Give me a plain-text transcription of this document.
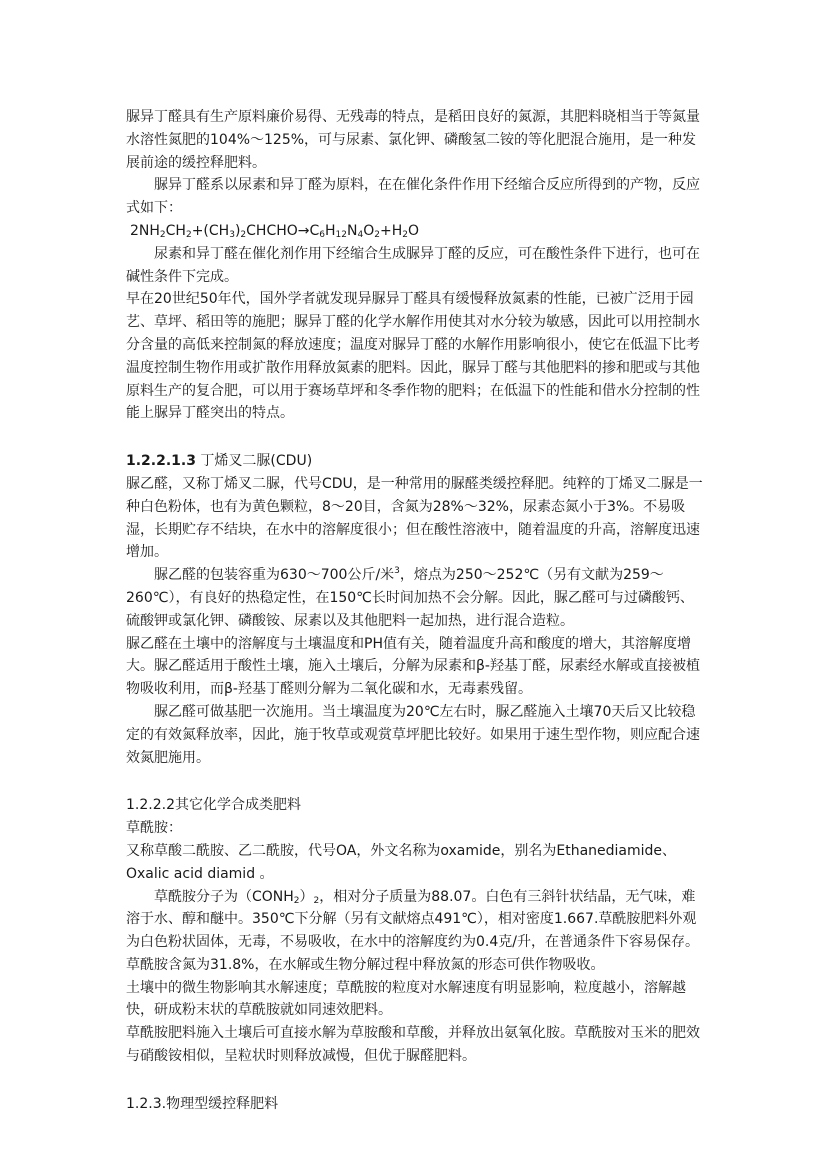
脲异丁醛具有生产原料廉价易得、无残毒的特点，是稻田良好的氮源，其肥料晓相当于等氮量水溶性氮肥的104%～125%，可与尿素、氯化钾、磷酸氢二铵的等化肥混合施用，是一种发展前途的缓控释肥料。

脲异丁醛系以尿素和异丁醛为原料，在在催化条件作用下经缩合反应所得到的产物，反应式如下：

$2NH_2CH_2+(CH_3)_2CHCHO\to C_6H_{12}N_4O_2+H_2O$

尿素和异丁醛在催化剂作用下经缩合生成脲异丁醛的反应，可在酸性条件下进行，也可在碱性条件下完成。

早在20世纪50年代，国外学者就发现异脲异丁醛具有缓慢释放氮素的性能，已被广泛用于园艺、草坪、稻田等的施肥；脲异丁醛的化学水解作用使其对水分较为敏感，因此可以用控制水分含量的高低来控制氮的释放速度；温度对脲异丁醛的水解作用影响很小，使它在低温下比考温度控制生物作用或扩散作用释放氮素的肥料。因此，脲异丁醛与其他肥料的掺和肥或与其他原料生产的复合肥，可以用于赛场草坪和冬季作物的肥料；在低温下的性能和借水分控制的性能上脲异丁醛突出的特点。

1.2.2.1.3 丁烯叉二脲(CDU)

脲乙醛，又称丁烯叉二脲，代号CDU，是一种常用的脲醛类缓控释肥。纯粹的丁烯叉二脲是一种白色粉体，也有为黄色颗粒，8～20目，含氮为28%～32%，尿素态氮小于3%。不易吸湿，长期贮存不结块，在水中的溶解度很小；但在酸性溶液中，随着温度的升高，溶解度迅速增加。

脲乙醛的包装容重为630～700公斤/米$^3$，熔点为250～252℃（另有文献为259～260℃），有良好的热稳定性，在150℃长时间加热不会分解。因此，脲乙醛可与过磷酸钙、硫酸钾或氯化钾、磷酸铵、尿素以及其他肥料一起加热，进行混合造粒。

脲乙醛在土壤中的溶解度与土壤温度和PH值有关，随着温度升高和酸度的增大，其溶解度增大。脲乙醛适用于酸性土壤，施入土壤后，分解为尿素和β-羟基丁醛，尿素经水解或直接被植物吸收利用，而β-羟基丁醛则分解为二氧化碳和水，无毒素残留。

脲乙醛可做基肥一次施用。当土壤温度为20℃左右时，脲乙醛施入土壤70天后又比较稳定的有效氮释放率，因此，施于牧草或观赏草坪肥比较好。如果用于速生型作物，则应配合速效氮肥施用。

1.2.2.2其它化学合成类肥料

草酰胺：

又称草酸二酰胺、乙二酰胺，代号OA，外文名称为oxamide，别名为Ethanediamide、Oxalic acid diamid 。

草酰胺分子为$(CONH_2)_2$，相对分子质量为88.07。白色有三斜针状结晶，无气味，难溶于水、醇和醚中。350℃下分解（另有文献熔点491℃），相对密度1.667.草酰胺肥料外观为白色粉状固体，无毒，不易吸收，在水中的溶解度约为0.4克/升，在普通条件下容易保存。草酰胺含氮为31.8%，在水解或生物分解过程中释放氮的形态可供作物吸收。

土壤中的微生物影响其水解速度；草酰胺的粒度对水解速度有明显影响，粒度越小，溶解越快，研成粉末状的草酰胺就如同速效肥料。

草酰胺肥料施入土壤后可直接水解为草胺酸和草酸，并释放出氨氧化胺。草酰胺对玉米的肥效与硝酸铵相似，呈粒状时则释放减慢，但优于脲醛肥料。

1.2.3.物理型缓控释肥料
